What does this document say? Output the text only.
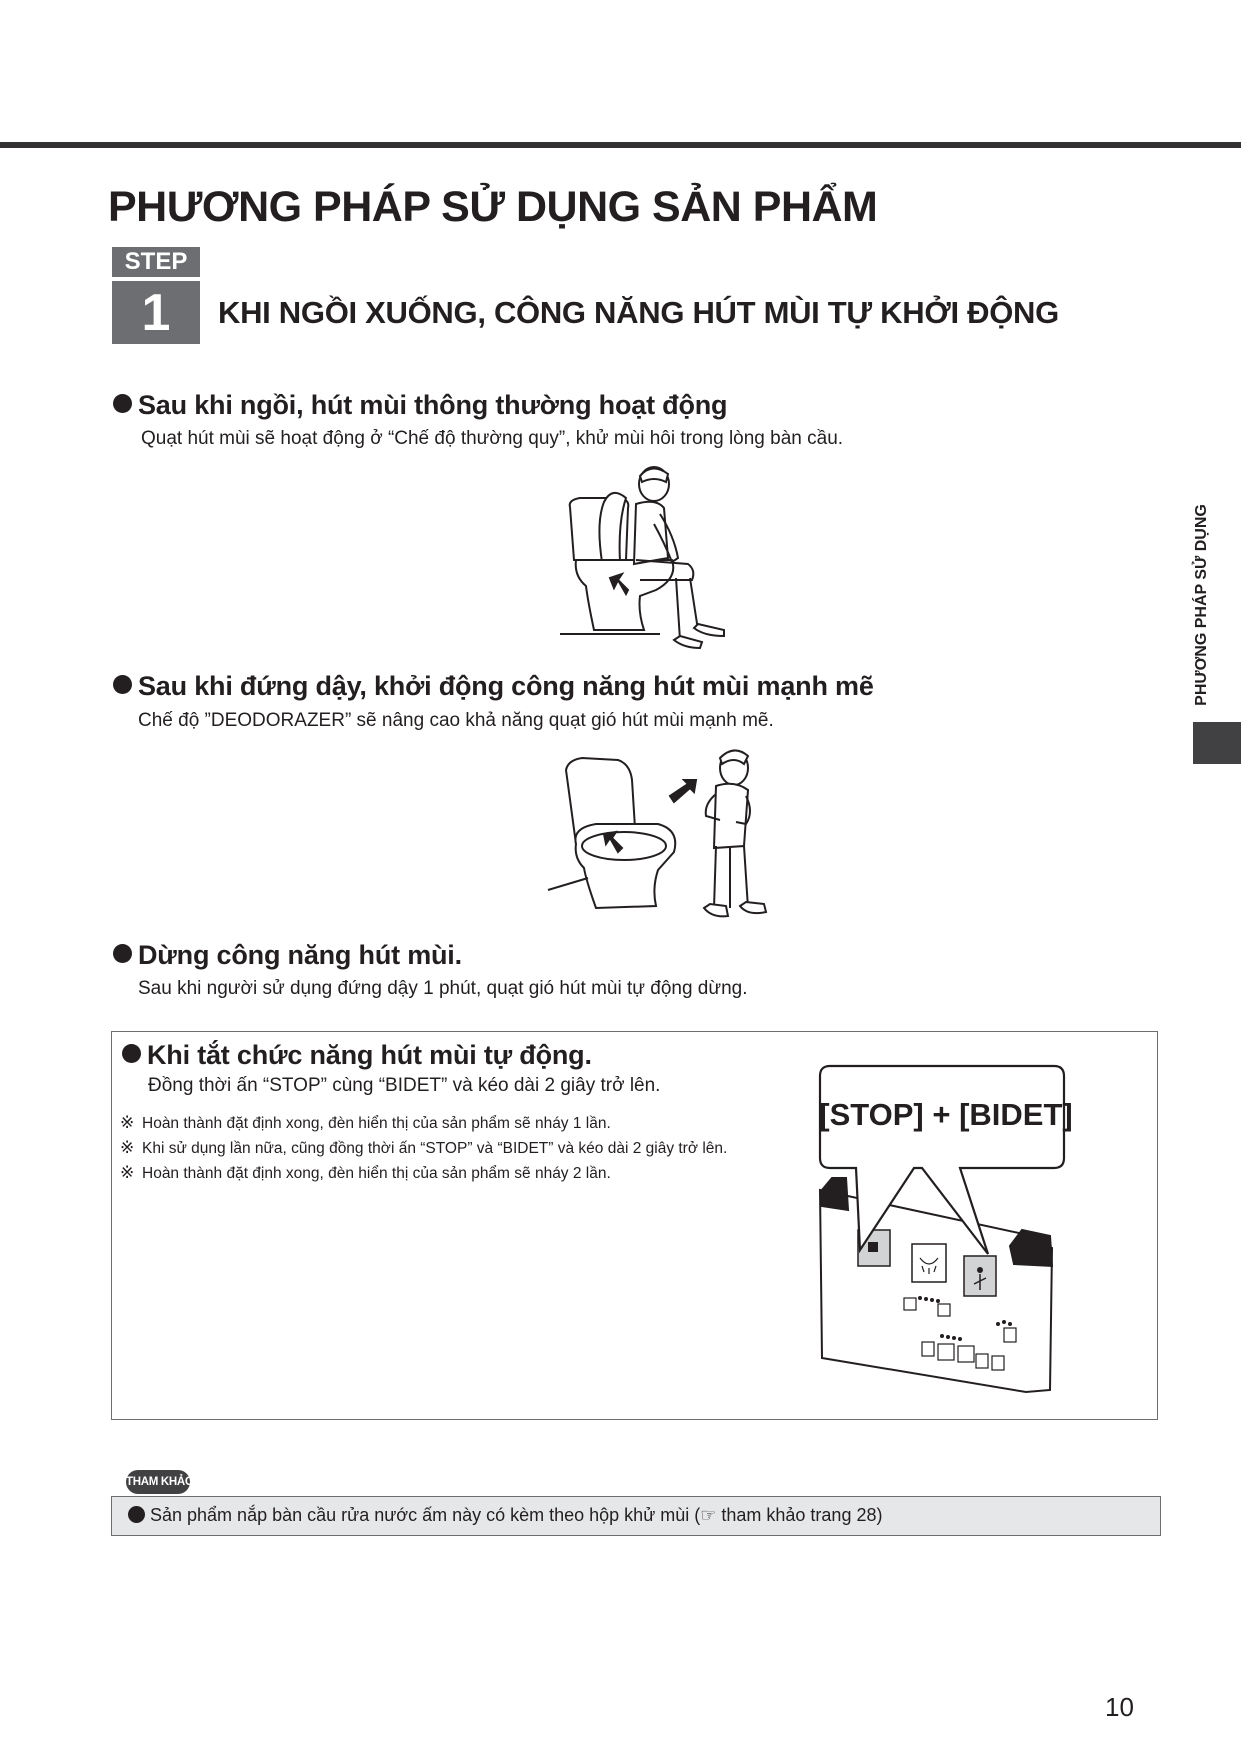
PHƯƠNG PHÁP SỬ DỤNG SẢN PHẨM
STEP
1	KHI NGỒI XUỐNG, CÔNG NĂNG HÚT MÙI TỰ KHỞI ĐỘNG
PHƯƠNG PHÁP SỬ DỤNG
Sau khi ngồi, hút mùi thông thường hoạt động
Quạt hút mùi sẽ hoạt động ở “Chế độ thường quy”, khử mùi hôi trong lòng bàn cầu.
Sau khi đứng dậy, khởi động công năng hút mùi mạnh mẽ
Chế độ ”DEODORAZER” sẽ nâng cao khả năng quạt gió hút mùi mạnh mẽ.
Dừng công năng hút mùi.
Sau khi người sử dụng đứng dậy 1 phút, quạt gió hút mùi tự động dừng.
Khi tắt chức năng hút mùi tự động.
Đồng thời ấn “STOP” cùng “BIDET” và kéo dài 2 giây trở lên.
※ Hoàn thành đặt định xong, đèn hiển thị của sản phẩm sẽ nháy 1 lần.
※ Khi sử dụng lần nữa, cũng đồng thời ấn “STOP” và “BIDET” và kéo dài 2 giây trở lên.
※ Hoàn thành đặt định xong, đèn hiển thị của sản phẩm sẽ nháy 2 lần.
[STOP] + [BIDET]
THAM KHẢO
Sản phẩm nắp bàn cầu rửa nước ấm này có kèm theo hộp khử mùi (☞ tham khảo trang 28)
10
